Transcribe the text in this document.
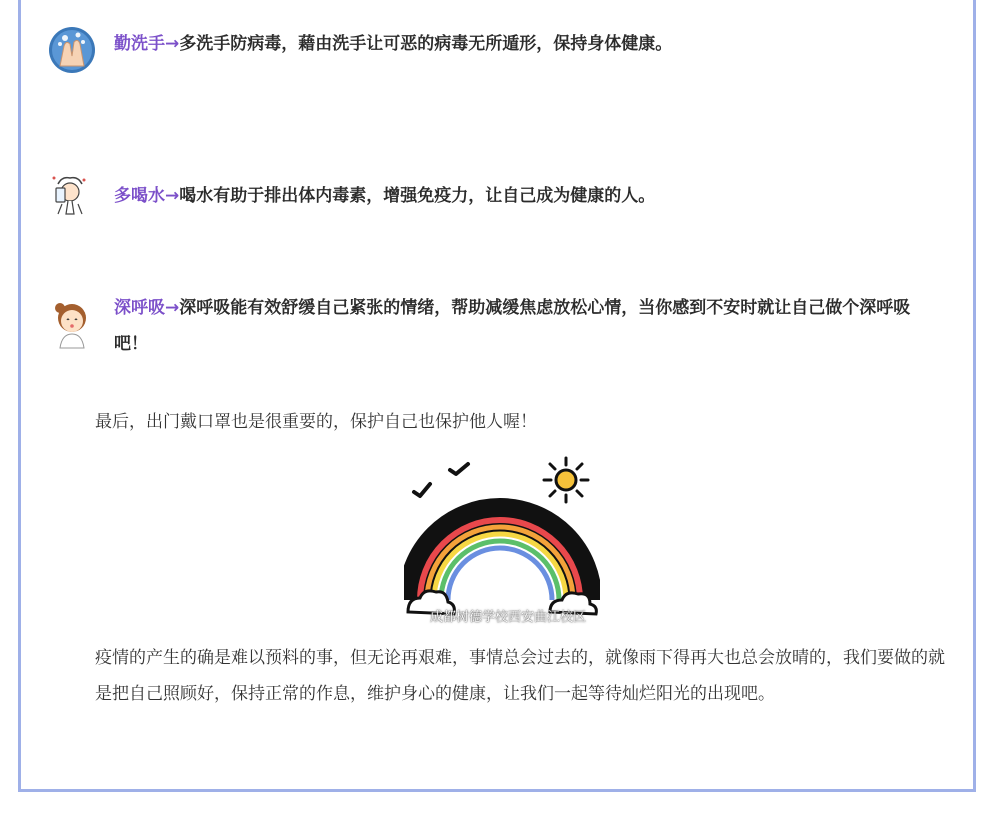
勤洗手→多洗手防病毒，藉由洗手让可恶的病毒无所遁形，保持身体健康。
多喝水→喝水有助于排出体内毒素，增强免疫力，让自己成为健康的人。
深呼吸→深呼吸能有效舒缓自己紧张的情绪，帮助减缓焦虑放松心情，当你感到不安时就让自己做个深呼吸吧！
最后，出门戴口罩也是很重要的，保护自己也保护他人喔！
成都树德学校西安曲江校区
疫情的产生的确是难以预料的事，但无论再艰难，事情总会过去的，就像雨下得再大也总会放晴的，我们要做的就是把自己照顾好，保持正常的作息，维护身心的健康，让我们一起等待灿烂阳光的出现吧。
